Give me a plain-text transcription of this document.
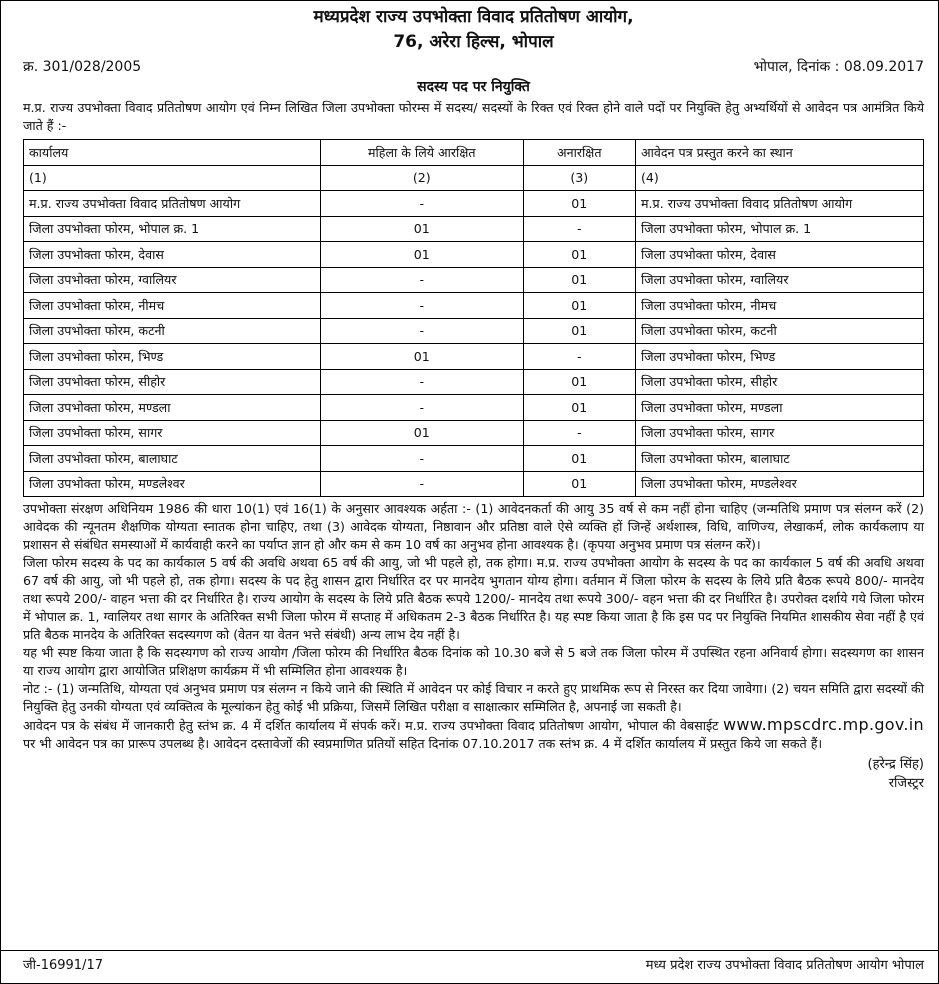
मध्यप्रदेश राज्य उपभोक्ता विवाद प्रतितोषण आयोग,
76, अरेरा हिल्स, भोपाल
क्र. 301/028/2005	भोपाल, दिनांक : 08.09.2017
सदस्य पद पर नियुक्ति

म.प्र. राज्य उपभोक्ता विवाद प्रतितोषण आयोग एवं निम्न लिखित जिला उपभोक्ता फोरम्स में सदस्य/ सदस्यों के रिक्त एवं रिक्त होने वाले पदों पर नियुक्ति हेतु अभ्यर्थियों से आवेदन पत्र आमंत्रित किये जाते हैं :-

कार्यालय	महिला के लिये आरक्षित	अनारक्षित	आवेदन पत्र प्रस्तुत करने का स्थान
(1)	(2)	(3)	(4)
म.प्र. राज्य उपभोक्ता विवाद प्रतितोषण आयोग	-	01	म.प्र. राज्य उपभोक्ता विवाद प्रतितोषण आयोग
जिला उपभोक्ता फोरम, भोपाल क्र. 1	01	-	जिला उपभोक्ता फोरम, भोपाल क्र. 1
जिला उपभोक्ता फोरम, देवास	01	01	जिला उपभोक्ता फोरम, देवास
जिला उपभोक्ता फोरम, ग्वालियर	-	01	जिला उपभोक्ता फोरम, ग्वालियर
जिला उपभोक्ता फोरम, नीमच	-	01	जिला उपभोक्ता फोरम, नीमच
जिला उपभोक्ता फोरम, कटनी	-	01	जिला उपभोक्ता फोरम, कटनी
जिला उपभोक्ता फोरम, भिण्ड	01	-	जिला उपभोक्ता फोरम, भिण्ड
जिला उपभोक्ता फोरम, सीहोर	-	01	जिला उपभोक्ता फोरम, सीहोर
जिला उपभोक्ता फोरम, मण्डला	-	01	जिला उपभोक्ता फोरम, मण्डला
जिला उपभोक्ता फोरम, सागर	01	-	जिला उपभोक्ता फोरम, सागर
जिला उपभोक्ता फोरम, बालाघाट	-	01	जिला उपभोक्ता फोरम, बालाघाट
जिला उपभोक्ता फोरम, मण्डलेश्वर	-	01	जिला उपभोक्ता फोरम, मण्डलेश्वर

उपभोक्ता संरक्षण अधिनियम 1986 की धारा 10(1) एवं 16(1) के अनुसार आवश्यक अर्हता :- (1) आवेदनकर्ता की आयु 35 वर्ष से कम नहीं होना चाहिए (जन्मतिथि प्रमाण पत्र संलग्न करें (2) आवेदक की न्यूनतम शैक्षणिक योग्यता स्नातक होना चाहिए, तथा (3) आवेदक योग्यता, निष्ठावान और प्रतिष्ठा वाले ऐसे व्यक्ति हों जिन्हें अर्थशास्त्र, विधि, वाणिज्य, लेखाकर्म, लोक कार्यकलाप या प्रशासन से संबंधित समस्याओं में कार्यवाही करने का पर्याप्त ज्ञान हो और कम से कम 10 वर्ष का अनुभव होना आवश्यक है। (कृपया अनुभव प्रमाण पत्र संलग्न करें)।

जिला फोरम सदस्य के पद का कार्यकाल 5 वर्ष की अवधि अथवा 65 वर्ष की आयु, जो भी पहले हो, तक होगा। म.प्र. राज्य उपभोक्ता आयोग के सदस्य के पद का कार्यकाल 5 वर्ष की अवधि अथवा 67 वर्ष की आयु, जो भी पहले हो, तक होगा। सदस्य के पद हेतु शासन द्वारा निर्धारित दर पर मानदेय भुगतान योग्य होगा। वर्तमान में जिला फोरम के सदस्य के लिये प्रति बैठक रूपये 800/- मानदेय तथा रूपये 200/- वाहन भत्ता की दर निर्धारित है। राज्य आयोग के सदस्य के लिये प्रति बैठक रूपये 1200/- मानदेय तथा रूपये 300/- वहन भत्ता की दर निर्धारित है। उपरोक्त दर्शाये गये जिला फोरम में भोपाल क्र. 1, ग्वालियर तथा सागर के अतिरिक्त सभी जिला फोरम में सप्ताह में अधिकतम 2-3 बैठक निर्धारित है। यह स्पष्ट किया जाता है कि इस पद पर नियुक्ति नियमित शासकीय सेवा नहीं है एवं प्रति बैठक मानदेय के अतिरिक्त सदस्यगण को (वेतन या वेतन भत्ते संबंधी) अन्य लाभ देय नहीं है।

यह भी स्पष्ट किया जाता है कि सदस्यगण को राज्य आयोग /जिला फोरम की निर्धारित बैठक दिनांक को 10.30 बजे से 5 बजे तक जिला फोरम में उपस्थित रहना अनिवार्य होगा। सदस्यगण का शासन या राज्य आयोग द्वारा आयोजित प्रशिक्षण कार्यक्रम में भी सम्मिलित होना आवश्यक है।

नोट :- (1) जन्मतिथि, योग्यता एवं अनुभव प्रमाण पत्र संलग्न न किये जाने की स्थिति में आवेदन पर कोई विचार न करते हुए प्राथमिक रूप से निरस्त कर दिया जावेगा। (2) चयन समिति द्वारा सदस्यों की नियुक्ति हेतु उनकी योग्यता एवं व्यक्तित्व के मूल्यांकन हेतु कोई भी प्रक्रिया, जिसमें लिखित परीक्षा व साक्षात्कार सम्मिलित है, अपनाई जा सकती है।

आवेदन पत्र के संबंध में जानकारी हेतु स्तंभ क्र. 4 में दर्शित कार्यालय में संपर्क करें। म.प्र. राज्य उपभोक्ता विवाद प्रतितोषण आयोग, भोपाल की वेबसाईट www.mpscdrc.mp.gov.in पर भी आवेदन पत्र का प्रारूप उपलब्ध है। आवेदन दस्तावेजों की स्वप्रमाणित प्रतियों सहित दिनांक 07.10.2017 तक स्तंभ क्र. 4 में दर्शित कार्यालय में प्रस्तुत किये जा सकते हैं।

(हरेन्द्र सिंह)
रजिस्ट्रर
जी-16991/17	मध्य प्रदेश राज्य उपभोक्ता विवाद प्रतितोषण आयोग भोपाल
